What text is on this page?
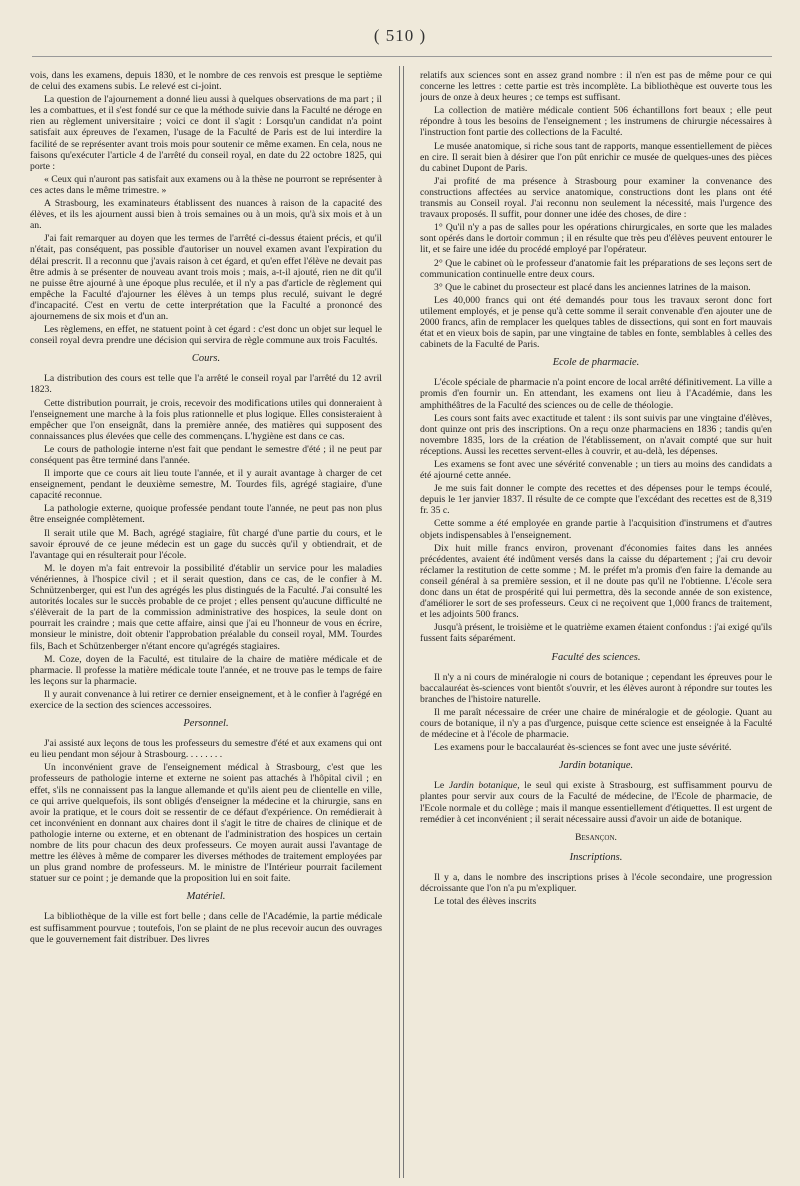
( 510 )

vois, dans les examens, depuis 1830, et le nombre de ces renvois est presque le septième de celui des examens subis. Le relevé est ci-joint.

La question de l'ajournement a donné lieu aussi à quelques observations de ma part ; il les a combattues, et il s'est fondé sur ce que la méthode suivie dans la Faculté ne déroge en rien au règlement universitaire ; voici ce dont il s'agit : Lorsqu'un candidat n'a point satisfait aux épreuves de l'examen, l'usage de la Faculté de Paris est de lui interdire la facilité de se représenter avant trois mois pour soutenir ce même examen. En cela, nous ne faisons qu'exécuter l'article 4 de l'arrêté du conseil royal, en date du 22 octobre 1825, qui porte :

« Ceux qui n'auront pas satisfait aux examens ou à la thèse ne pourront se représenter à ces actes dans le même trimestre. »

A Strasbourg, les examinateurs établissent des nuances à raison de la capacité des élèves, et ils les ajournent aussi bien à trois semaines ou à un mois, qu'à six mois et à un an.

J'ai fait remarquer au doyen que les termes de l'arrêté ci-dessus étaient précis, et qu'il n'était, pas conséquent, pas possible d'autoriser un nouvel examen avant l'expiration du délai prescrit. Il a reconnu que j'avais raison à cet égard, et qu'en effet l'élève ne devait pas être admis à se présenter de nouveau avant trois mois ; mais, a-t-il ajouté, rien ne dit qu'il ne puisse être ajourné à une époque plus reculée, et il n'y a pas d'article de règlement qui empêche la Faculté d'ajourner les élèves à un temps plus reculé, suivant le degré d'incapacité. C'est en vertu de cette interprétation que la Faculté a prononcé des ajournemens de six mois et d'un an.

Les règlemens, en effet, ne statuent point à cet égard : c'est donc un objet sur lequel le conseil royal devra prendre une décision qui servira de règle commune aux trois Facultés.

Cours.

La distribution des cours est telle que l'a arrêté le conseil royal par l'arrêté du 12 avril 1823.

Cette distribution pourrait, je crois, recevoir des modifications utiles qui donneraient à l'enseignement une marche à la fois plus rationnelle et plus logique. Elles consisteraient à empêcher que l'on enseignât, dans la première année, des matières qui supposent des connaissances plus élevées que celle des commençans. L'hygiène est dans ce cas.

Le cours de pathologie interne n'est fait que pendant le semestre d'été ; il ne peut par conséquent pas être terminé dans l'année.

Il importe que ce cours ait lieu toute l'année, et il y aurait avantage à charger de cet enseignement, pendant le deuxième semestre, M. Tourdes fils, agrégé stagiaire, d'une capacité reconnue.

La pathologie externe, quoique professée pendant toute l'année, ne peut pas non plus être enseignée complètement.

Il serait utile que M. Bach, agrégé stagiaire, fût chargé d'une partie du cours, et le savoir éprouvé de ce jeune médecin est un gage du succès qu'il y obtiendrait, et de l'avantage qui en résulterait pour l'école.

M. le doyen m'a fait entrevoir la possibilité d'établir un service pour les maladies vénériennes, à l'hospice civil ; et il serait question, dans ce cas, de le confier à M. Schnützenberger, qui est l'un des agrégés les plus distingués de la Faculté. J'ai consulté les autorités locales sur le succès probable de ce projet ; elles pensent qu'aucune difficulté ne s'élèverait de la part de la commission administrative des hospices, la seule dont on pourrait les craindre ; mais que cette affaire, ainsi que j'ai eu l'honneur de vous en écrire, monsieur le ministre, doit obtenir l'approbation préalable du conseil royal, MM. Tourdes fils, Bach et Schützenberger n'étant encore qu'agrégés stagiaires.

M. Coze, doyen de la Faculté, est titulaire de la chaire de matière médicale et de pharmacie. Il professe la matière médicale toute l'année, et ne trouve pas le temps de faire les leçons sur la pharmacie.

Il y aurait convenance à lui retirer ce dernier enseignement, et à le confier à l'agrégé en exercice de la section des sciences accessoires.

Personnel.

J'ai assisté aux leçons de tous les professeurs du semestre d'été et aux examens qui ont eu lieu pendant mon séjour à Strasbourg. . . . . . . .

Un inconvénient grave de l'enseignement médical à Strasbourg, c'est que les professeurs de pathologie interne et externe ne soient pas attachés à l'hôpital civil ; en effet, s'ils ne connaissent pas la langue allemande et qu'ils aient peu de clientelle en ville, ce qui arrive quelquefois, ils sont obligés d'enseigner la médecine et la chirurgie, sans en avoir la pratique, et le cours doit se ressentir de ce défaut d'expérience. On remédierait à cet inconvénient en donnant aux chaires dont il s'agit le titre de chaires de clinique et de pathologie interne ou externe, et en obtenant de l'administration des hospices un certain nombre de lits pour chacun des deux professeurs. Ce moyen aurait aussi l'avantage de mettre les élèves à même de comparer les diverses méthodes de traitement employées par un plus grand nombre de professeurs. M. le ministre de l'Intérieur pourrait facilement statuer sur ce point ; je demande que la proposition lui en soit faite.

Matériel.

La bibliothèque de la ville est fort belle ; dans celle de l'Académie, la partie médicale est suffisamment pourvue ; toutefois, l'on se plaint de ne plus recevoir aucun des ouvrages que le gouvernement fait distribuer. Des livres

relatifs aux sciences sont en assez grand nombre : il n'en est pas de même pour ce qui concerne les lettres : cette partie est très incomplète. La bibliothèque est ouverte tous les jours de onze à deux heures ; ce temps est suffisant.

La collection de matière médicale contient 506 échantillons fort beaux ; elle peut répondre à tous les besoins de l'enseignement ; les instrumens de chirurgie nécessaires à l'instruction font partie des collections de la Faculté.

Le musée anatomique, si riche sous tant de rapports, manque essentiellement de pièces en cire. Il serait bien à désirer que l'on pût enrichir ce musée de quelques-unes des pièces du cabinet Dupont de Paris.

J'ai profité de ma présence à Strasbourg pour examiner la convenance des constructions affectées au service anatomique, constructions dont les plans ont été transmis au Conseil royal. J'ai reconnu non seulement la nécessité, mais l'urgence des travaux proposés. Il suffit, pour donner une idée des choses, de dire :

1° Qu'il n'y a pas de salles pour les opérations chirurgicales, en sorte que les malades sont opérés dans le dortoir commun ; il en résulte que très peu d'élèves peuvent entourer le lit, et se faire une idée du procédé employé par l'opérateur.

2° Que le cabinet où le professeur d'anatomie fait les préparations de ses leçons sert de communication continuelle entre deux cours.

3° Que le cabinet du prosecteur est placé dans les anciennes latrines de la maison.

Les 40,000 francs qui ont été demandés pour tous les travaux seront donc fort utilement employés, et je pense qu'à cette somme il serait convenable d'en ajouter une de 2000 francs, afin de remplacer les quelques tables de dissections, qui sont en fort mauvais état et en vieux bois de sapin, par une vingtaine de tables en fonte, semblables à celles des cabinets de la Faculté de Paris.

Ecole de pharmacie.

L'école spéciale de pharmacie n'a point encore de local arrêté définitivement. La ville a promis d'en fournir un. En attendant, les examens ont lieu à l'Académie, dans les amphithéâtres de la Faculté des sciences ou de celle de théologie.

Les cours sont faits avec exactitude et talent : ils sont suivis par une vingtaine d'élèves, dont quinze ont pris des inscriptions. On a reçu onze pharmaciens en 1836 ; tandis qu'en novembre 1835, lors de la création de l'établissement, on n'avait compté que sur huit réceptions. Aussi les recettes servent-elles à couvrir, et au-delà, les dépenses.

Les examens se font avec une sévérité convenable ; un tiers au moins des candidats a été ajourné cette année.

Je me suis fait donner le compte des recettes et des dépenses pour le temps écoulé, depuis le 1er janvier 1837. Il résulte de ce compte que l'excédant des recettes est de 8,319 fr. 35 c.

Cette somme a été employée en grande partie à l'acquisition d'instrumens et d'autres objets indispensables à l'enseignement.

Dix huit mille francs environ, provenant d'économies faites dans les années précédentes, avaient été indûment versés dans la caisse du département ; j'ai cru devoir réclamer la restitution de cette somme ; M. le préfet m'a promis d'en faire la demande au conseil général à sa première session, et il ne doute pas qu'il ne l'obtienne. L'école sera donc dans un état de prospérité qui lui permettra, dès la seconde année de son existence, d'améliorer le sort de ses professeurs. Ceux ci ne reçoivent que 1,000 francs de traitement, et les adjoints 500 francs.

Jusqu'à présent, le troisième et le quatrième examen étaient confondus : j'ai exigé qu'ils fussent faits séparément.

Faculté des sciences.

Il n'y a ni cours de minéralogie ni cours de botanique ; cependant les épreuves pour le baccalauréat ès-sciences vont bientôt s'ouvrir, et les élèves auront à répondre sur toutes les branches de l'histoire naturelle.

Il me paraît nécessaire de créer une chaire de minéralogie et de géologie. Quant au cours de botanique, il n'y a pas d'urgence, puisque cette science est enseignée à la Faculté de médecine et à l'école de pharmacie.

Les examens pour le baccalauréat ès-sciences se font avec une juste sévérité.

Jardin botanique.

Le Jardin botanique, le seul qui existe à Strasbourg, est suffisamment pourvu de plantes pour servir aux cours de la Faculté de médecine, de l'Ecole de pharmacie, de l'Ecole normale et du collège ; mais il manque essentiellement d'étiquettes. Il est urgent de remédier à cet inconvénient ; il serait nécessaire aussi d'avoir un aide de botanique.

Besançon.
Inscriptions.

Il y a, dans le nombre des inscriptions prises à l'école secondaire, une progression décroissante que l'on n'a pu m'expliquer.

Le total des élèves inscrits
